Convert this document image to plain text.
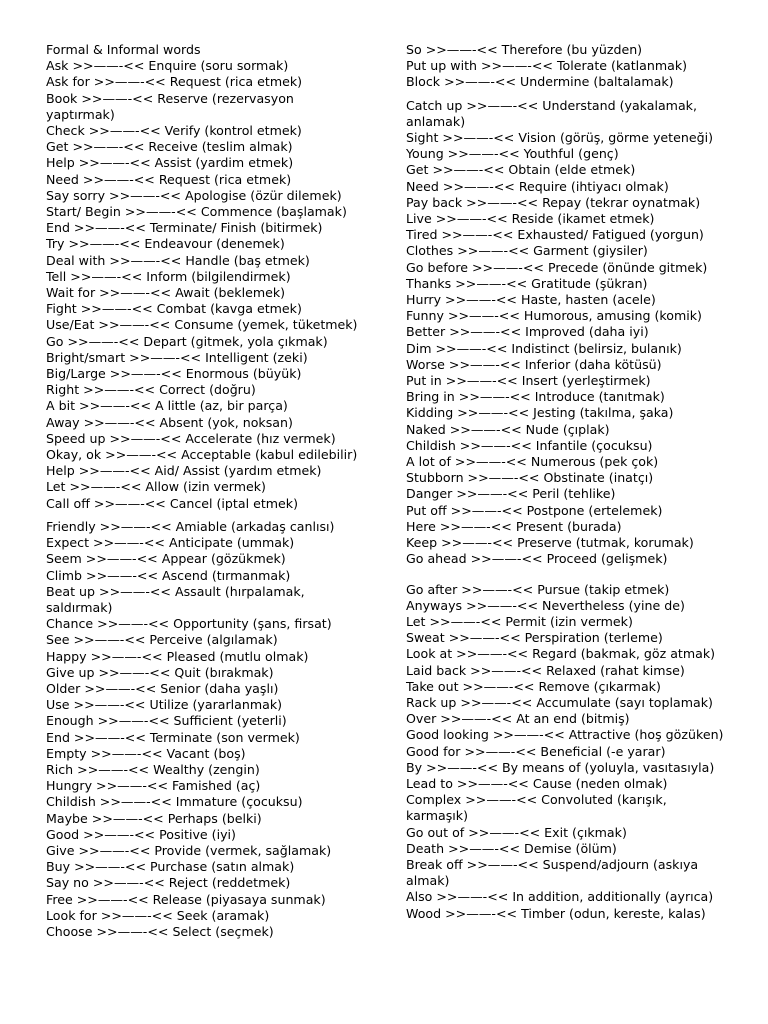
Formal & Informal words
Ask >>——-<< Enquire (soru sormak)
Ask for >>——-<< Request (rica etmek)
Book >>——-<< Reserve (rezervasyon yaptırmak)
Check >>——-<< Verify (kontrol etmek)
Get >>——-<< Receive (teslim almak)
Help >>——-<< Assist (yardim etmek)
Need >>——-<< Request (rica etmek)
Say sorry >>——-<< Apologise (özür dilemek)
Start/ Begin >>——-<< Commence (başlamak)
End >>——-<< Terminate/ Finish (bitirmek)
Try >>——-<< Endeavour (denemek)
Deal with >>——-<< Handle (baş etmek)
Tell >>——-<< Inform (bilgilendirmek)
Wait for >>——-<< Await (beklemek)
Fight >>——-<< Combat (kavga etmek)
Use/Eat >>——-<< Consume (yemek, tüketmek)
Go >>——-<< Depart (gitmek, yola çıkmak)
Bright/smart >>——-<< Intelligent (zeki)
Big/Large >>——-<< Enormous (büyük)
Right >>——-<< Correct (doğru)
A bit >>——-<< A little (az, bir parça)
Away >>——-<< Absent (yok, noksan)
Speed up >>——-<< Accelerate (hız vermek)
Okay, ok >>——-<< Acceptable (kabul edilebilir)
Help >>——-<< Aid/ Assist (yardım etmek)
Let >>——-<< Allow (izin vermek)
Call off >>——-<< Cancel (iptal etmek)
Friendly >>——-<< Amiable (arkadaş canlısı)
Expect >>——-<< Anticipate (ummak)
Seem >>——-<< Appear (gözükmek)
Climb >>——-<< Ascend (tırmanmak)
Beat up >>——-<< Assault (hırpalamak, saldırmak)
Chance >>——-<< Opportunity (şans, firsat)
See >>——-<< Perceive (algılamak)
Happy >>——-<< Pleased (mutlu olmak)
Give up >>——-<< Quit (bırakmak)
Older >>——-<< Senior (daha yaşlı)
Use >>——-<< Utilize (yararlanmak)
Enough >>——-<< Sufficient (yeterli)
End >>——-<< Terminate (son vermek)
Empty >>——-<< Vacant (boş)
Rich >>——-<< Wealthy (zengin)
Hungry >>——-<< Famished (aç)
Childish >>——-<< Immature (çocuksu)
Maybe >>——-<< Perhaps (belki)
Good >>——-<< Positive (iyi)
Give >>——-<< Provide (vermek, sağlamak)
Buy >>——-<< Purchase (satın almak)
Say no >>——-<< Reject (reddetmek)
Free >>——-<< Release (piyasaya sunmak)
Look for >>——-<< Seek (aramak)
Choose >>——-<< Select (seçmek)
So >>——-<< Therefore (bu yüzden)
Put up with >>——-<< Tolerate (katlanmak)
Block >>——-<< Undermine (baltalamak)
Catch up >>——-<< Understand (yakalamak, anlamak)
Sight >>——-<< Vision (görüş, görme yeteneği)
Young >>——-<< Youthful (genç)
Get >>——-<< Obtain (elde etmek)
Need >>——-<< Require (ihtiyacı olmak)
Pay back >>——-<< Repay (tekrar oynatmak)
Live >>——-<< Reside (ikamet etmek)
Tired >>——-<< Exhausted/ Fatigued (yorgun)
Clothes >>——-<< Garment (giysiler)
Go before >>——-<< Precede (önünde gitmek)
Thanks >>——-<< Gratitude (şükran)
Hurry >>——-<< Haste, hasten (acele)
Funny >>——-<< Humorous, amusing (komik)
Better >>——-<< Improved (daha iyi)
Dim >>——-<< Indistinct (belirsiz, bulanık)
Worse >>——-<< Inferior (daha kötüsü)
Put in >>——-<< Insert (yerleştirmek)
Bring in >>——-<< Introduce (tanıtmak)
Kidding >>——-<< Jesting (takılma, şaka)
Naked >>——-<< Nude (çıplak)
Childish >>——-<< Infantile (çocuksu)
A lot of >>——-<< Numerous (pek çok)
Stubborn >>——-<< Obstinate (inatçı)
Danger >>——-<< Peril (tehlike)
Put off >>——-<< Postpone (ertelemek)
Here >>——-<< Present (burada)
Keep >>——-<< Preserve (tutmak, korumak)
Go ahead >>——-<< Proceed (gelişmek)
Go after >>——-<< Pursue (takip etmek)
Anyways >>——-<< Nevertheless (yine de)
Let >>——-<< Permit (izin vermek)
Sweat >>——-<< Perspiration (terleme)
Look at >>——-<< Regard (bakmak, göz atmak)
Laid back >>——-<< Relaxed (rahat kimse)
Take out >>——-<< Remove (çıkarmak)
Rack up >>——-<< Accumulate (sayı toplamak)
Over >>——-<< At an end (bitmiş)
Good looking >>——-<< Attractive (hoş gözüken)
Good for >>——-<< Beneficial (-e yarar)
By >>——-<< By means of (yoluyla, vasıtasıyla)
Lead to >>——-<< Cause (neden olmak)
Complex >>——-<< Convoluted (karışık, karmaşık)
Go out of >>——-<< Exit (çıkmak)
Death >>——-<< Demise (ölüm)
Break off >>——-<< Suspend/adjourn (askıya almak)
Also >>——-<< In addition, additionally (ayrıca)
Wood >>——-<< Timber (odun, kereste, kalas)
